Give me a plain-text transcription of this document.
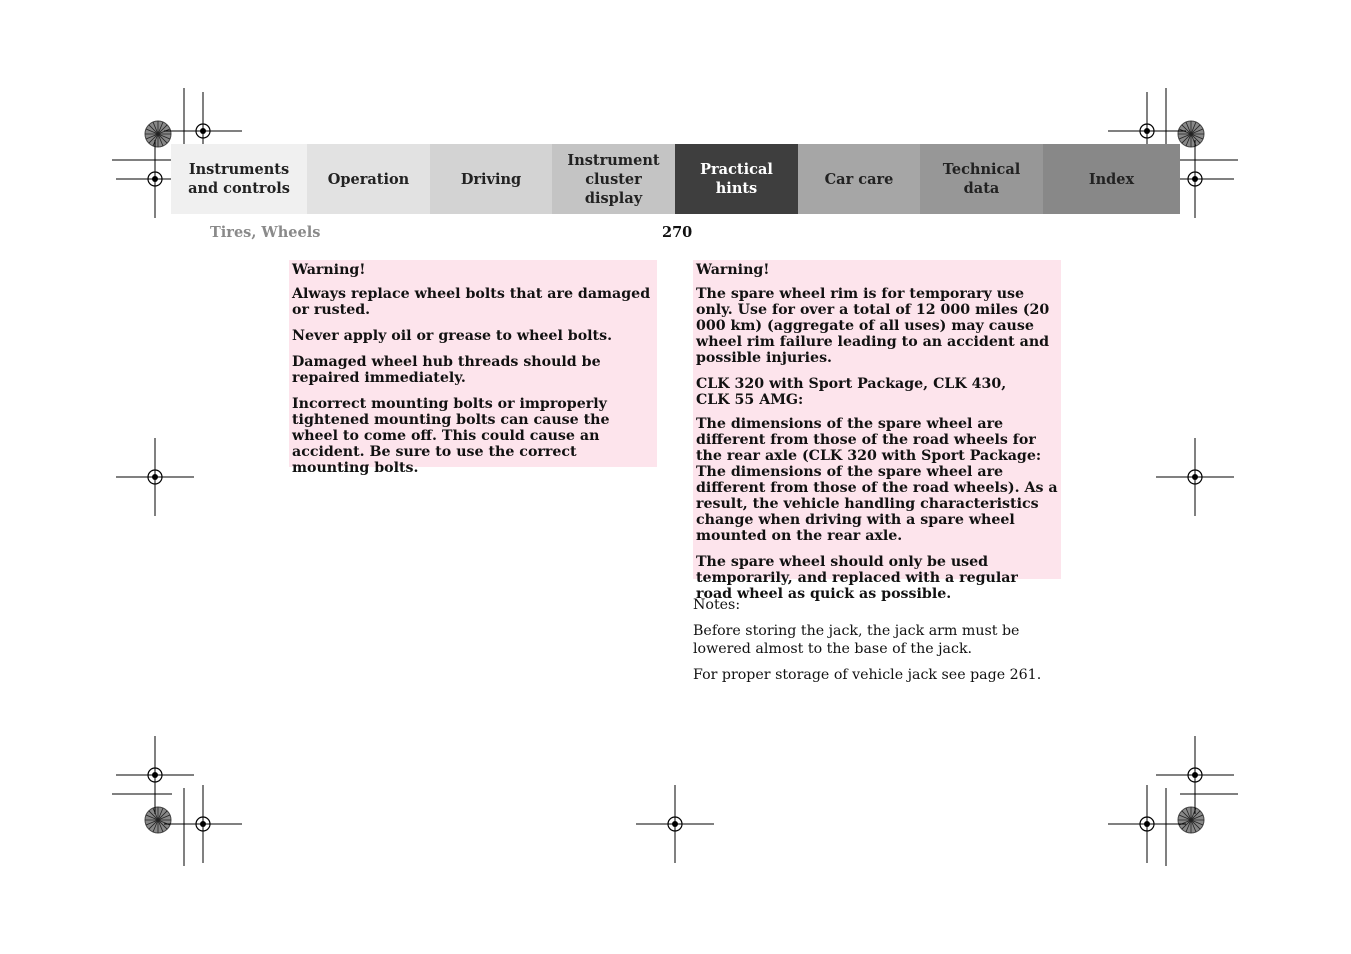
Instruments
and controls
Operation	Driving
Instrument
cluster display
Practical hints
Car care
Technical
data
Index
Tires, Wheels	270

Warning!

Always replace wheel bolts that are damaged or rusted.

Never apply oil or grease to wheel bolts.

Damaged wheel hub threads should be repaired immediately.

Incorrect mounting bolts or improperly tightened mounting bolts can cause the wheel to come off. This could cause an accident. Be sure to use the correct mounting bolts.

Warning!

The spare wheel rim is for temporary use only. Use for over a total of 12 000 miles (20 000 km) (aggregate of all uses) may cause wheel rim failure leading to an accident and possible injuries.

CLK 320 with Sport Package, CLK 430,
CLK 55 AMG:

The dimensions of the spare wheel are different from those of the road wheels for the rear axle (CLK 320 with Sport Package: The dimensions of the spare wheel are different from those of the road wheels). As a result, the vehicle handling characteristics change when driving with a spare wheel mounted on the rear axle.

The spare wheel should only be used temporarily, and replaced with a regular road wheel as quick as possible.

Notes:

Before storing the jack, the jack arm must be lowered almost to the base of the jack.

For proper storage of vehicle jack see page 261.
